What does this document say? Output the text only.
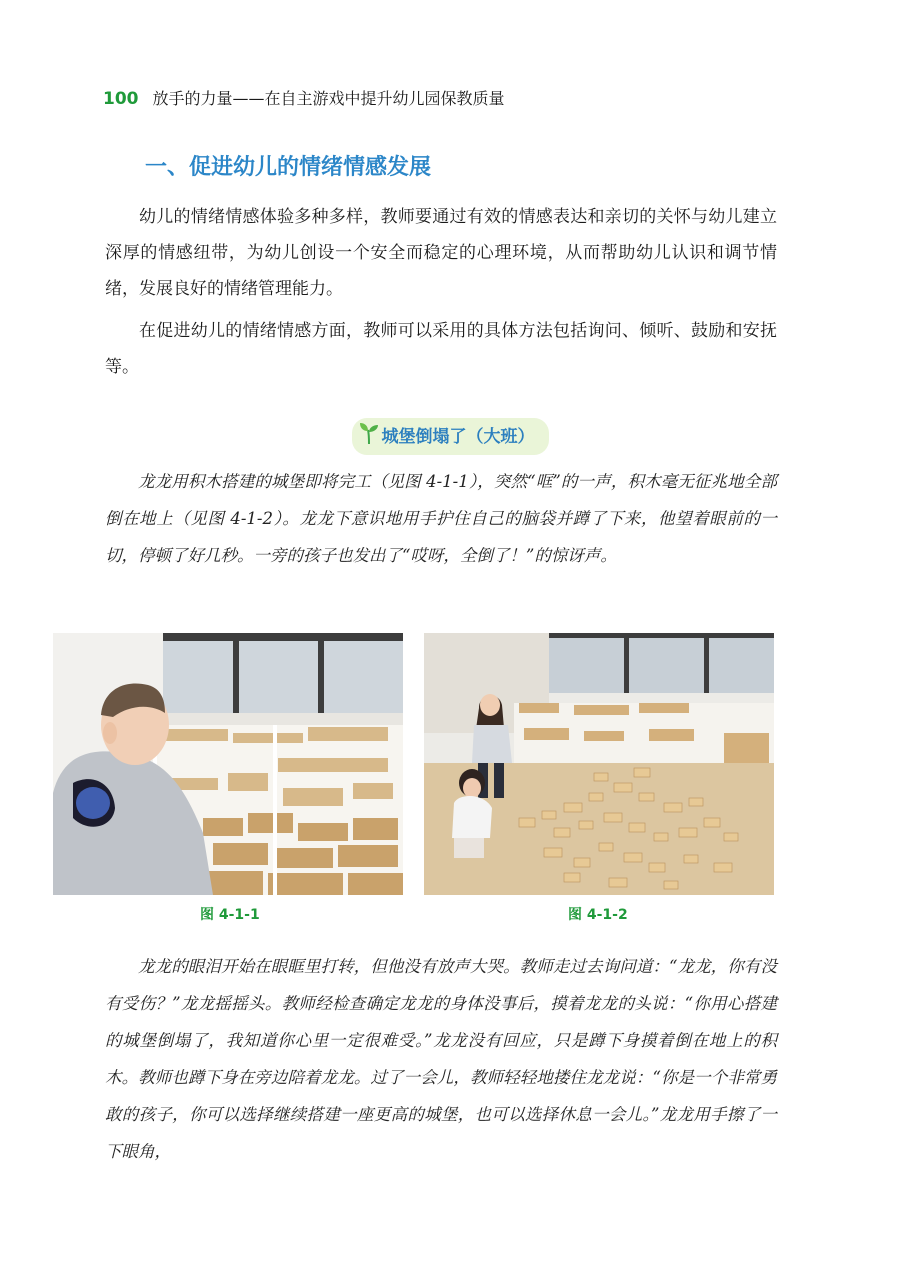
100 放手的力量——在自主游戏中提升幼儿园保教质量
一、促进幼儿的情绪情感发展

幼儿的情绪情感体验多种多样，教师要通过有效的情感表达和亲切的关怀与幼儿建立深厚的情感纽带，为幼儿创设一个安全而稳定的心理环境，从而帮助幼儿认识和调节情绪，发展良好的情绪管理能力。

在促进幼儿的情绪情感方面，教师可以采用的具体方法包括询问、倾听、鼓励和安抚等。

城堡倒塌了（大班）

龙龙用积木搭建的城堡即将完工（见图 4-1-1），突然“哐”的一声，积木毫无征兆地全部倒在地上（见图 4-1-2）。龙龙下意识地用手护住自己的脑袋并蹲了下来，他望着眼前的一切，停顿了好几秒。一旁的孩子也发出了“哎呀，全倒了！”的惊讶声。

图 4-1-1	图 4-1-2

龙龙的眼泪开始在眼眶里打转，但他没有放声大哭。教师走过去询问道：“龙龙，你有没有受伤？”龙龙摇摇头。教师经检查确定龙龙的身体没事后，摸着龙龙的头说：“你用心搭建的城堡倒塌了，我知道你心里一定很难受。”龙龙没有回应，只是蹲下身摸着倒在地上的积木。教师也蹲下身在旁边陪着龙龙。过了一会儿，教师轻轻地搂住龙龙说：“你是一个非常勇敢的孩子，你可以选择继续搭建一座更高的城堡，也可以选择休息一会儿。”龙龙用手擦了一下眼角，
